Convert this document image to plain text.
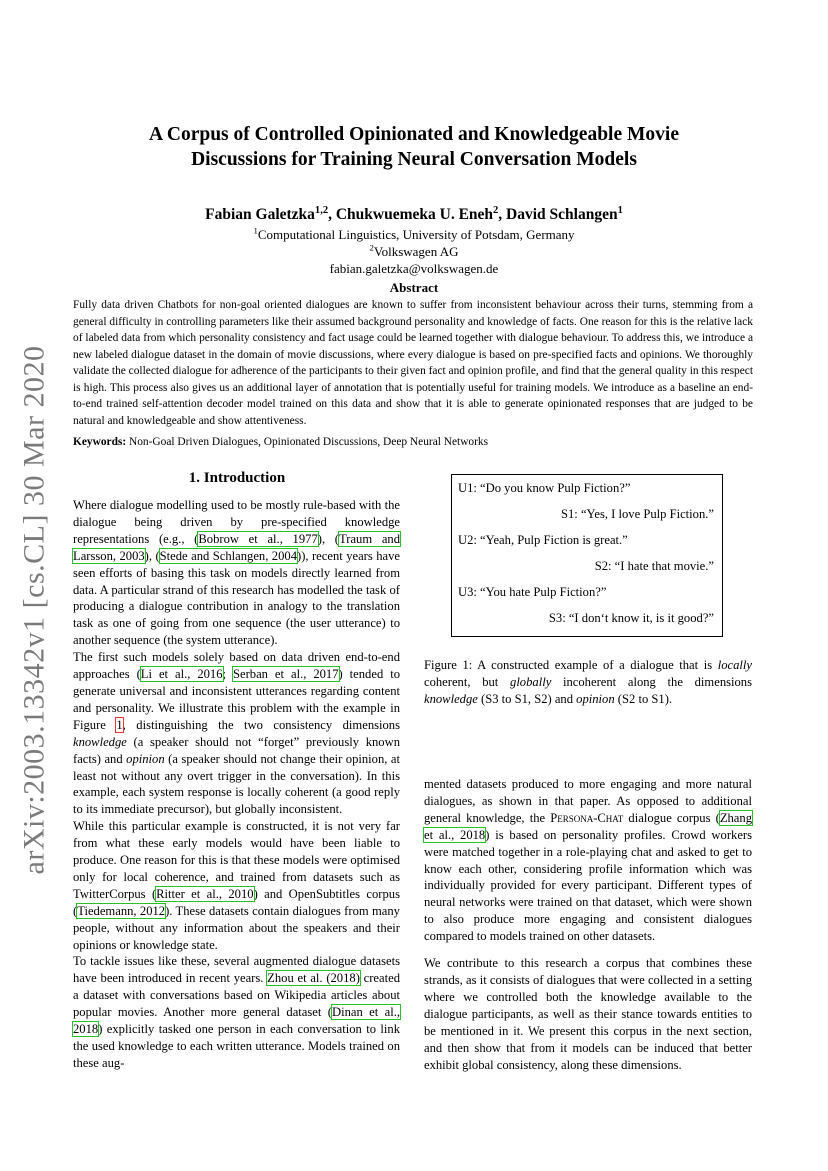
arXiv:2003.13342v1 [cs.CL] 30 Mar 2020
A Corpus of Controlled Opinionated and Knowledgeable Movie
Discussions for Training Neural Conversation Models
Fabian Galetzka$^{1,2}$, Chukwuemeka U. Eneh$^2$, David Schlangen$^1$
$^1$Computational Linguistics, University of Potsdam, Germany
$^2$Volkswagen AG
fabian.galetzka@volkswagen.de
Abstract
Fully data driven Chatbots for non-goal oriented dialogues are known to suffer from inconsistent behaviour across their turns, stemming from a general difficulty in controlling parameters like their assumed background personality and knowledge of facts. One reason for this is the relative lack of labeled data from which personality consistency and fact usage could be learned together with dialogue behaviour. To address this, we introduce a new labeled dialogue dataset in the domain of movie discussions, where every dialogue is based on pre-specified facts and opinions. We thoroughly validate the collected dialogue for adherence of the participants to their given fact and opinion profile, and find that the general quality in this respect is high. This process also gives us an additional layer of annotation that is potentially useful for training models. We introduce as a baseline an end-to-end trained self-attention decoder model trained on this data and show that it is able to generate opinionated responses that are judged to be natural and knowledgeable and show attentiveness.
Keywords: Non-Goal Driven Dialogues, Opinionated Discussions, Deep Neural Networks
1. Introduction

Where dialogue modelling used to be mostly rule-based with the dialogue being driven by pre-specified knowledge representations (e.g., (Bobrow et al., 1977), (Traum and Larsson, 2003), (Stede and Schlangen, 2004)), recent years have seen efforts of basing this task on models directly learned from data. A particular strand of this research has modelled the task of producing a dialogue contribution in analogy to the translation task as one of going from one sequence (the user utterance) to another sequence (the system utterance).

The first such models solely based on data driven end-to-end approaches (Li et al., 2016; Serban et al., 2017) tended to generate universal and inconsistent utterances regarding content and personality. We illustrate this problem with the example in Figure 1, distinguishing the two consistency dimensions knowledge (a speaker should not “forget” previously known facts) and opinion (a speaker should not change their opinion, at least not without any overt trigger in the conversation). In this example, each system response is locally coherent (a good reply to its immediate precursor), but globally inconsistent.

While this particular example is constructed, it is not very far from what these early models would have been liable to produce. One reason for this is that these models were optimised only for local coherence, and trained from datasets such as TwitterCorpus (Ritter et al., 2010) and OpenSubtitles corpus (Tiedemann, 2012). These datasets contain dialogues from many people, without any information about the speakers and their opinions or knowledge state.

To tackle issues like these, several augmented dialogue datasets have been introduced in recent years. Zhou et al. (2018) created a dataset with conversations based on Wikipedia articles about popular movies. Another more general dataset (Dinan et al., 2018) explicitly tasked one person in each conversation to link the used knowledge to each written utterance. Models trained on these aug-

U1: “Do you know Pulp Fiction?”
S1: “Yes, I love Pulp Fiction.”
U2: “Yeah, Pulp Fiction is great.”
S2: “I hate that movie.”
U3: “You hate Pulp Fiction?”
S3: “I don‘t know it, is it good?”
Figure 1: A constructed example of a dialogue that is locally coherent, but globally incoherent along the dimensions knowledge (S3 to S1, S2) and opinion (S2 to S1).

mented datasets produced to more engaging and more natural dialogues, as shown in that paper. As opposed to additional general knowledge, the Persona-Chat dialogue corpus (Zhang et al., 2018) is based on personality profiles. Crowd workers were matched together in a role-playing chat and asked to get to know each other, considering profile information which was individually provided for every participant. Different types of neural networks were trained on that dataset, which were shown to also produce more engaging and consistent dialogues compared to models trained on other datasets.

We contribute to this research a corpus that combines these strands, as it consists of dialogues that were collected in a setting where we controlled both the knowledge available to the dialogue participants, as well as their stance towards entities to be mentioned in it. We present this corpus in the next section, and then show that from it models can be induced that better exhibit global consistency, along these dimensions.
